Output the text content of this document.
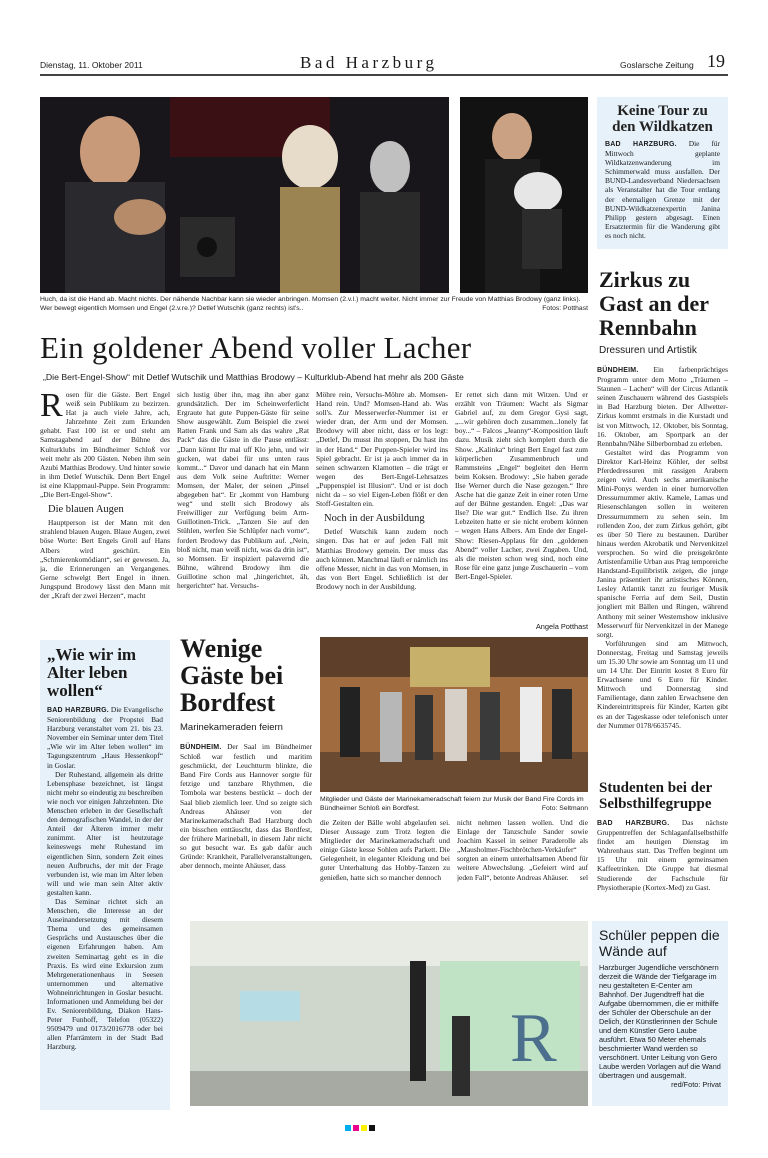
Dienstag, 11. Oktober 2011	Bad Harzburg	Goslarsche Zeitung 19
Huch, da ist die Hand ab. Macht nichts. Der nähende Nachbar kann sie wieder anbringen. Momsen (2.v.l.) macht weiter. Nicht immer zur Freude von Matthias Brodowy (ganz links). Wer bewegt eigentlich Momsen und Engel (2.v.re.)? Detlef Wutschik (ganz rechts) ist's..	Fotos: Potthast
Keine Tour zu den Wildkatzen
BAD HARZBURG. Die für Mittwoch geplante Wildkatzenwanderung im Schimmerwald muss ausfallen. Der BUND-Landesverband Niedersachsen als Veranstalter hat die Tour entlang der ehemaligen Grenze mit der BUND-Wildkatzenexpertin Janina Philipp gestern abgesagt. Einen Ersatztermin für die Wanderung gibt es noch nicht.
Zirkus zu Gast an der Rennbahn
Dressuren und Artistik

BÜNDHEIM. Ein farbenprächtiges Programm unter dem Motto „Träumen – Staunen – Lachen“ will der Circus Atlantik seinen Zuschauern während des Gastspiels in Bad Harzburg bieten. Der Allwetter-Zirkus kommt erstmals in die Kurstadt und ist von Mittwoch, 12. Oktober, bis Sonntag, 16. Oktober, am Sportpark an der Rennbahn/Nähe Silberbornbad zu erleben.

Gestaltet wird das Programm von Direktor Karl-Heinz Köhler, der selbst Pferdedressuren mit rassigen Arabern zeigen wird. Auch sechs amerikanische Mini-Ponys werden in einer humorvollen Dressurnummer aktiv. Kamele, Lamas und Riesenschlangen sollen in weiteren Dressurnummern zu sehen sein. Im rollenden Zoo, der zum Zirkus gehört, gibt es über 50 Tiere zu bestaunen. Darüber hinaus werden Akrobatik und Nervenkitzel versprochen. So wird die preisgekrönte Artistenfamilie Urban aus Prag temporeiche Handstand-Equilibristik zeigen, die junge Janina präsentiert ihr artistisches Können, Lesley Atlantik tanzt zu feuriger Musik spanische Ferria auf dem Seil, Dustin jongliert mit Bällen und Ringen, während Anthony mit seiner Westernshow inklusive Messerwurf für Nervenkitzel in der Manege sorgt.

Vorführungen sind am Mittwoch, Donnerstag, Freitag und Samstag jeweils um 15.30 Uhr sowie am Sonntag um 11 und um 14 Uhr. Der Eintritt kostet 8 Euro für Erwachsene und 6 Euro für Kinder. Mittwoch und Donnerstag sind Familientage, dann zahlen Erwachsene den Kindereintrittspreis für Kinder, Karten gibt es an der Tageskasse oder telefonisch unter der Nummer 0178/6635745.

Ein goldener Abend voller Lacher
„Die Bert-Engel-Show“ mit Detlef Wutschik und Matthias Brodowy – Kulturklub-Abend hat mehr als 200 Gäste
R osen für die Gäste. Bert Engel weiß sein Publikum zu bezirzen. Hat ja auch viele Jahre, ach, Jahrzehnte Zeit zum Erkunden gehabt. Fast 100 ist er und steht am Samstagabend auf der Bühne des Kulturklubs im Bündheimer Schloß vor weit mehr als 200 Gästen. Neben ihm sein Azubi Matthias Brodowy. Und hinter sowie in ihm Detlef Wutschik. Denn Bert Engel ist eine Klappmaul-Puppe. Sein Programm: „Die Bert-Engel-Show“.

Die blauen Augen

Hauptperson ist der Mann mit den strahlend blauen Augen. Blaue Augen, zwei böse Worte: Bert Engels Groll auf Hans Albers wird geschürt. Ein „Schmierenkomödiant“, sei er gewesen. Ja, ja, die Erinnerungen an Vergangenes. Gerne schwelgt Bert Engel in ihnen. Jungspund Brodowy lässt den Mann mit der „Kraft der zwei Herzen“, macht

sich lustig über ihn, mag ihn aber ganz grundsätzlich. Der im Scheinwerferlicht Ergraute hat gute Puppen-Gäste für seine Show ausgewählt. Zum Beispiel die zwei Ratten Frank und Sam als das wahre „Rat Pack“ das die Gäste in die Pause entlässt: „Dann könnt Ihr mal uff Klo jehn, und wir gucken, wat dabei für uns unten raus kommt...“ Davor und danach hat ein Mann aus dem Volk seine Auftritte: Werner Momsen, der Maler, der seinen „Pinsel abgegeben hat“. Er „kommt von Hamburg weg“ und stellt sich Brodowy als Freiwilliger zur Verfügung beim Arm-Guillotinen-Trick. „Tanzen Sie auf den Stühlen, werfen Sie Schlüpfer nach vorne“, fordert Brodowy das Publikum auf. „Nein, bloß nicht, man weiß nicht, was da drin ist“, so Momsen. Er inspiziert palavernd die Bühne, während Brodowy ihm die Guillotine schon mal „hingerichtet, äh, hergerichtet“ hat. Versuchs-

Möhre rein, Versuchs-Möhre ab. Momsen-Hand rein. Und? Momsen-Hand ab. Was soll's. Zur Messerwerfer-Nummer ist er wieder dran, der Arm und der Momsen. Brodowy will aber nicht, dass er los legt: „Detlef, Du musst ihn stoppen, Du hast ihn in der Hand.“ Der Puppen-Spieler wird ins Spiel gebracht. Er ist ja auch immer da in seinen schwarzen Klamotten – die trägt er wegen des Bert-Engel-Lehrsatzes „Puppenspiel ist Illusion“. Und er ist doch nicht da – so viel Eigen-Leben flößt er den Stoff-Gestalten ein.

Noch in der Ausbildung

Detlef Wutschik kann zudem noch singen. Das hat er auf jeden Fall mit Matthias Brodowy gemein. Der muss das auch können. Manchmal läuft er nämlich ins offene Messer, nicht in das von Momsen, in das von Bert Engel. Schließlich ist der Brodowy noch in der Ausbildung.

Er rettet sich dann mit Witzen. Und er erzählt von Träumen: Wacht als Sigmar Gabriel auf, zu dem Gregor Gysi sagt, „...wir gehören doch zusammen...lonely fat boy...“ – Falcos „Jeanny“-Komposition läuft dazu. Musik zieht sich komplett durch die Show. „Kalinka“ bringt Bert Engel fast zum körperlichen Zusammenbruch und Rammsteins „Engel“ begleitet den Herrn beim Koksen. Brodowy: „Sie haben gerade Ilse Werner durch die Nase gezogen.“ Ihre Asche hat die ganze Zeit in einer roten Urne auf der Bühne gestanden. Engel: „Das war Ilse? Die war gut.“ Endlich Ilse. Zu ihren Lebzeiten hatte er sie nicht erobern können – wegen Hans Albers. Am Ende der Engel-Show: Riesen-Applaus für den „goldenen Abend“ voller Lacher, zwei Zugaben. Und, als die meisten schon weg sind, noch eine Rose für eine ganz junge Zuschauerin – vom Bert-Engel-Spieler.

Angela Potthast
„Wie wir im Alter leben wollen“

BAD HARZBURG. Die Evangelische Seniorenbildung der Propstei Bad Harzburg veranstaltet vom 21. bis 23. November ein Seminar unter dem Titel „Wie wir im Alter leben wollen“ im Tagungszentrum „Haus Hessenkopf“ in Goslar.

Der Ruhestand, allgemein als dritte Lebensphase bezeichnet, ist längst nicht mehr so eindeutig zu beschreiben wie noch vor einigen Jahrzehnten. Die Menschen erleben in der Gesellschaft den demografischen Wandel, in der der Anteil der Älteren immer mehr zunimmt. Alter ist heutzutage keineswegs mehr Ruhestand im eigentlichen Sinn, sondern Zeit eines neuen Aufbruchs, der mit der Frage verbunden ist, wie man im Alter leben will und wie man sein Alter aktiv gestalten kann.

Das Seminar richtet sich an Menschen, die Interesse an der Auseinandersetzung mit diesem Thema und des gemeinsamen Gesprächs und Austausches über die eigenen Erfahrungen haben. Am zweiten Seminartag geht es in die Praxis. Es wird eine Exkursion zum Mehrgenerationenhaus in Seesen unternommen und alternative Wohneinrichtungen in Goslar besucht. Informationen und Anmeldung bei der Ev. Seniorenbildung, Diakon Hans-Peter Funhoff, Telefon (05322) 9509479 und 0173/2016778 oder bei allen Pfarrämtern in der Stadt Bad Harzburg.

Wenige Gäste bei Bordfest
Marinekameraden feiern

BÜNDHEIM. Der Saal im Bündheimer Schloß war festlich und maritim geschmückt, der Leuchtturm blinkte, die Band Fire Cords aus Hannover sorgte für fetzige und tanzbare Rhythmen, die Tombola war bestens bestückt – doch der Saal blieb ziemlich leer. Und so zeigte sich Andreas Ahäuser von der Marinekameradschaft Bad Harzburg doch ein bisschen enttäuscht, dass das Bordfest, der frühere Marineball, in diesem Jahr nicht so gut besucht war. Es gab dafür auch Gründe: Krankheit, Parallelveranstaltungen, aber dennoch, meinte Ahäuser, dass

Mitglieder und Gäste der Marinekameradschaft feiern zur Musik der Band Fire Cords im Bündheimer Schloß ein Bordfest.	Foto: Seltmann

die Zeiten der Bälle wohl abgelaufen sei. Dieser Aussage zum Trotz legten die Mitglieder der Marinekameradschaft und einige Gäste kesse Sohlen aufs Parkett. Die Gelegenheit, in eleganter Kleidung und bei guter Unterhaltung das Hobby-Tanzen zu genießen, hatte sich so mancher dennoch

nicht nehmen lassen wollen. Und die Einlage der Tanzschule Sander sowie Joachim Kassel in seiner Paraderolle als „Mausholmer-Fischbrötchen-Verkäufer“ sorgten an einem unterhaltsamen Abend für weitere Abwechslung. „Gefeiert wird auf jeden Fall“, betonte Andreas Ahäuser. sel

Studenten bei der Selbsthilfegruppe

BAD HARZBURG. Das nächste Gruppentreffen der Schlaganfallselbsthilfe findet am heutigen Dienstag im Wahrenhaus statt. Das Treffen beginnt um 15 Uhr mit einem gemeinsamen Kaffeetrinken. Die Gruppe hat diesmal Studierende der Fachschule für Physiotherapie (Kortex-Med) zu Gast.

R
Schüler peppen die Wände auf
Harzburger Jugendliche verschönern derzeit die Wände der Tiefgarage im neu gestalteten E-Center am Bahnhof. Der Jugendtreff hat die Aufgabe übernommen, die er mithilfe der Schüler der Oberschule an der Delich, der Künstlerinnen der Schule und dem Künstler Gero Laube ausführt. Etwa 50 Meter ehemals beschmierter Wand werden so verschönert. Unter Leitung von Gero Laube werden Vorlagen auf die Wand übertragen und ausgemalt.
red/Foto: Privat
